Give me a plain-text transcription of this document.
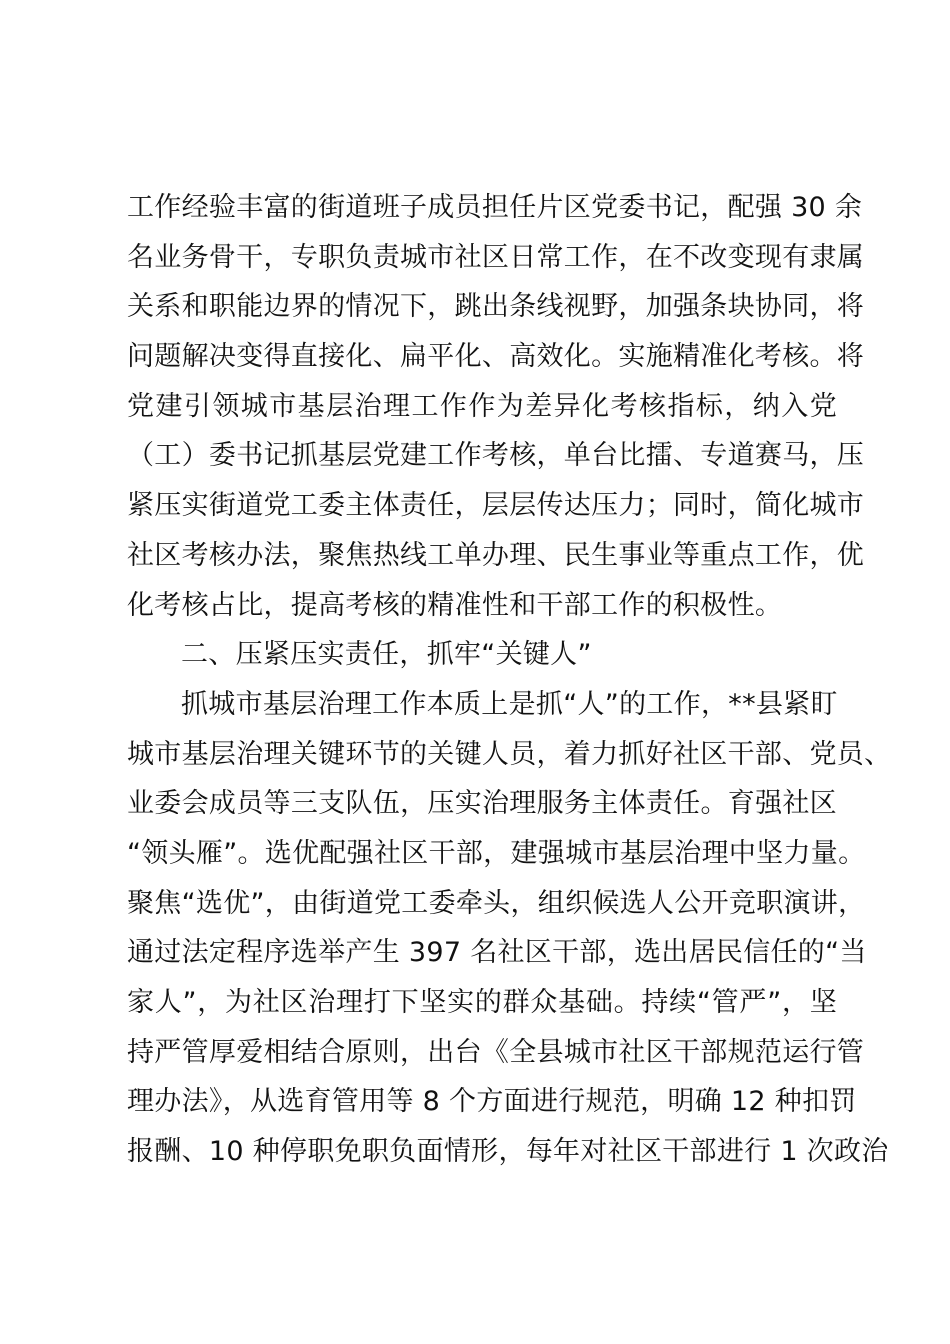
工作经验丰富的街道班子成员担任片区党委书记，配强 30 余
名业务骨干，专职负责城市社区日常工作，在不改变现有隶属
关系和职能边界的情况下，跳出条线视野，加强条块协同，将
问题解决变得直接化、扁平化、高效化。实施精准化考核。将
党建引领城市基层治理工作作为差异化考核指标，纳入党
（工）委书记抓基层党建工作考核，单台比擂、专道赛马，压
紧压实街道党工委主体责任，层层传达压力；同时，简化城市
社区考核办法，聚焦热线工单办理、民生事业等重点工作，优
化考核占比，提高考核的精准性和干部工作的积极性。
二、压紧压实责任，抓牢“关键人”
抓城市基层治理工作本质上是抓“人”的工作，**县紧盯
城市基层治理关键环节的关键人员，着力抓好社区干部、党员、
业委会成员等三支队伍，压实治理服务主体责任。育强社区
“领头雁”。选优配强社区干部，建强城市基层治理中坚力量。
聚焦“选优”，由街道党工委牵头，组织候选人公开竞职演讲，
通过法定程序选举产生 397 名社区干部，选出居民信任的“当
家人”，为社区治理打下坚实的群众基础。持续“管严”，坚
持严管厚爱相结合原则，出台《全县城市社区干部规范运行管
理办法》，从选育管用等 8 个方面进行规范，明确 12 种扣罚
报酬、10 种停职免职负面情形，每年对社区干部进行 1 次政治
